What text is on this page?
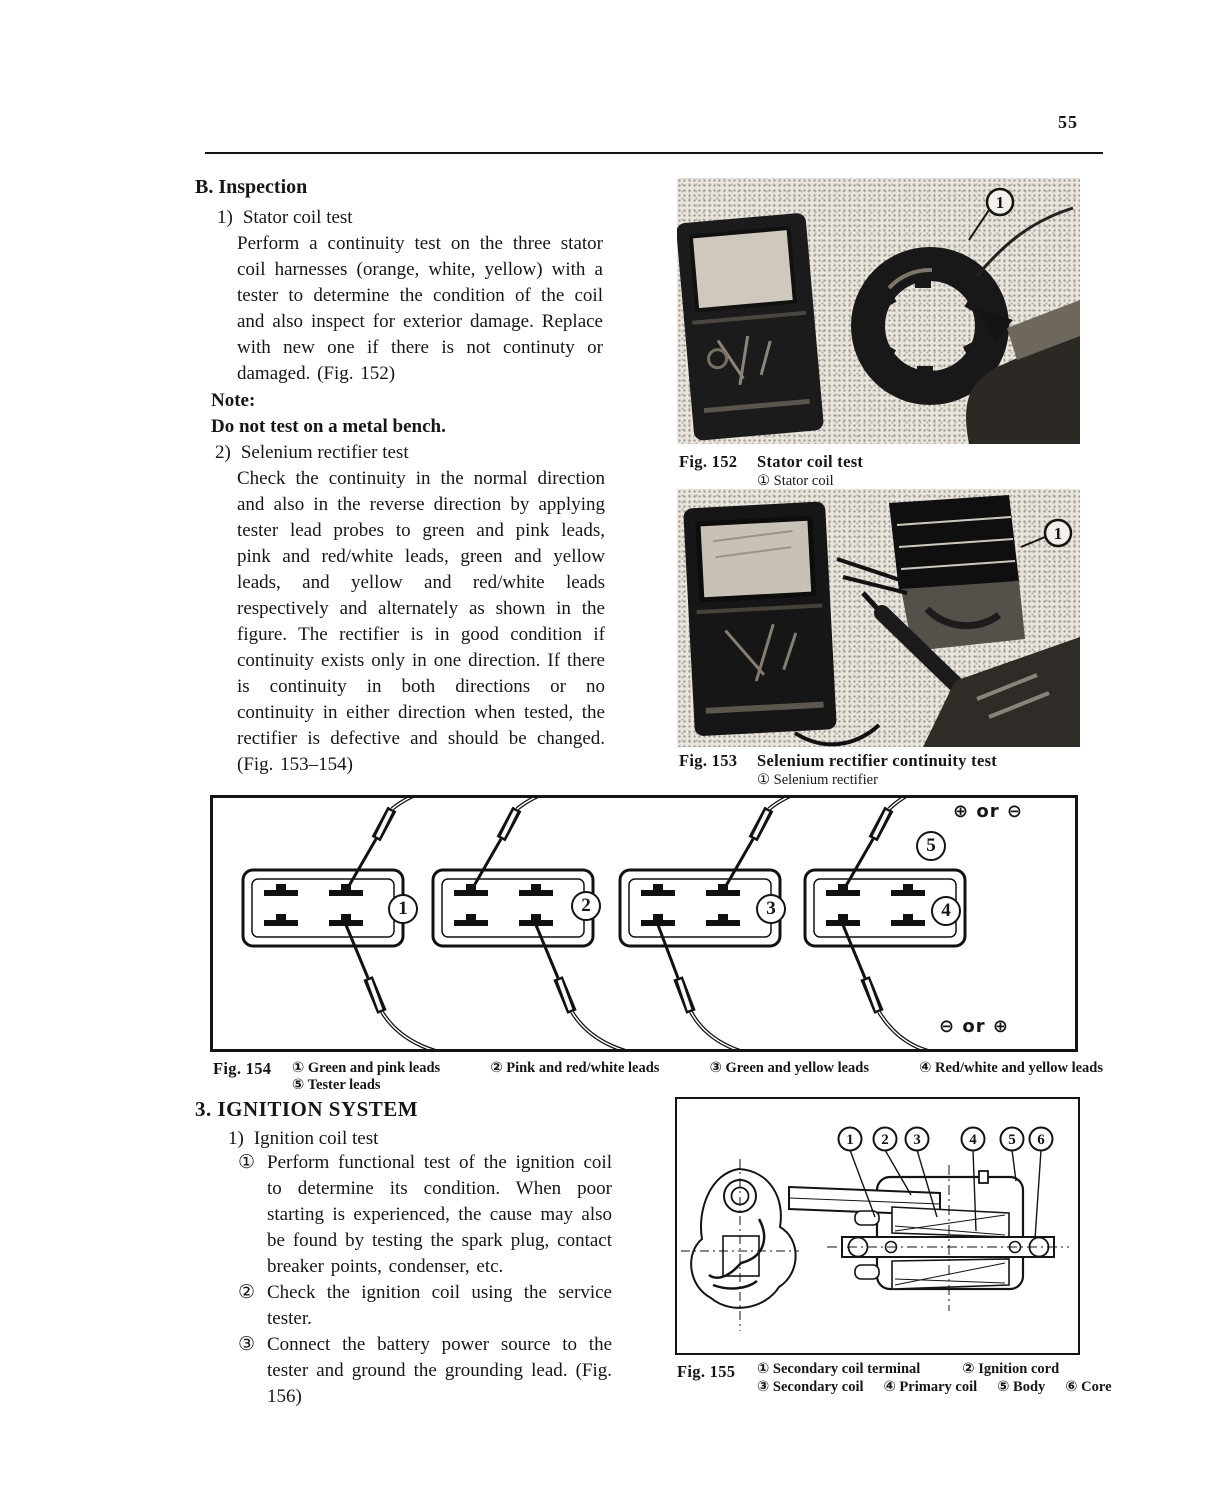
55
B. Inspection
1) Stator coil test
Perform a continuity test on the three stator coil harnesses (orange, white, yellow) with a tester to determine the condition of the coil and also inspect for exterior damage. Replace with new one if there is not continuty or damaged. (Fig. 152)
Note:
Do not test on a metal bench.
2) Selenium rectifier test
Check the continuity in the normal direction and also in the reverse direction by applying tester lead probes to green and pink leads, pink and red/white leads, green and yellow leads, and yellow and red/white leads respectively and alternately as shown in the figure. The rectifier is in good condition if continuity exists only in one direction. If there is continuity in both directions or no continuity in either direction when tested, the rectifier is defective and should be changed. (Fig. 153–154)
1
Fig. 152 Stator coil test
① Stator coil
1
Fig. 153 Selenium rectifier continuity test
① Selenium rectifier
1	2	3	4
5
⊕ or ⊖
⊖ or ⊕
Fig. 154 ① Green and pink leads	② Pink and red/white leads	③ Green and yellow leads	④ Red/white and yellow leads
⑤ Tester leads
3. IGNITION SYSTEM
1) Ignition coil test
① Perform functional test of the ignition coil to determine its condition. When poor starting is experienced, the cause may also be found by testing the spark plug, contact breaker points, condenser, etc.
② Check the ignition coil using the service tester.
③ Connect the battery power source to the tester and ground the grounding lead. (Fig. 156)
1 2 3	4 5 6
Fig. 155 ① Secondary coil terminal	② Ignition cord
③ Secondary coil ④ Primary coil ⑤ Body ⑥ Core
